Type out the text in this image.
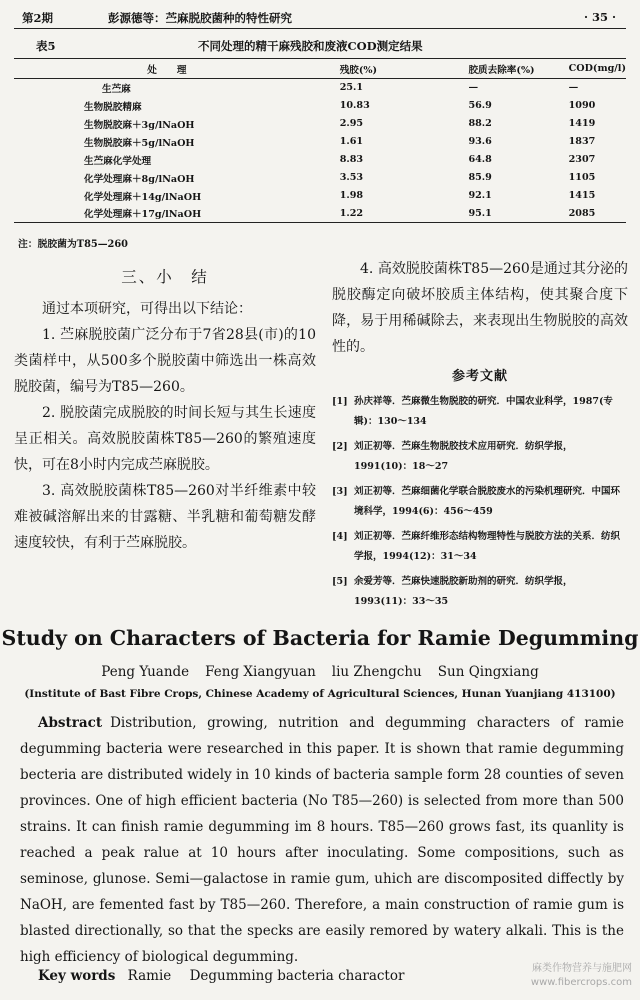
第2期	彭源德等：苎麻脱胶菌种的特性研究	· 35 ·
表5	不同处理的精干麻残胶和废液COD测定结果
处理	残胶(%)	胶质去除率(%)	COD(mg/l)
生苎麻	25.1	—	—
生物脱胶精麻	10.83	56.9	1090
生物脱胶麻＋3g/lNaOH	2.95	88.2	1419
生物脱胶麻＋5g/lNaOH	1.61	93.6	1837
生苎麻化学处理	8.83	64.8	2307
化学处理麻＋8g/lNaOH	3.53	85.9	1105
化学处理麻＋14g/lNaOH	1.98	92.1	1415
化学处理麻＋17g/lNaOH	1.22	95.1	2085
注：脱胶菌为T85—260
三、小　结

通过本项研究，可得出以下结论：

1. 苎麻脱胶菌广泛分布于7省28县(市)的10类菌样中，从500多个脱胶菌中筛选出一株高效脱胶菌，编号为T85—260。

2. 脱胶菌完成脱胶的时间长短与其生长速度呈正相关。高效脱胶菌株T85—260的繁殖速度快，可在8小时内完成苎麻脱胶。

3. 高效脱胶菌株T85—260对半纤维素中较难被碱溶解出来的甘露糖、半乳糖和葡萄糖发酵速度较快，有利于苎麻脱胶。

4. 高效脱胶菌株T85—260是通过其分泌的脱胶酶定向破坏胶质主体结构，使其聚合度下降，易于用稀碱除去，来表现出生物脱胶的高效性的。

参考文献
[1] 孙庆祥等．苎麻微生物脱胶的研究．中国农业科学，1987(专辑)：130～134
[2] 刘正初等．苎麻生物脱胶技术应用研究．纺织学报，1991(10)：18～27
[3] 刘正初等．苎麻细菌化学联合脱胶废水的污染机理研究．中国环境科学，1994(6)：456～459
[4] 刘正初等．苎麻纤维形态结构物理特性与脱胶方法的关系．纺织学报，1994(12)：31～34
[5] 余爱芳等．苎麻快速脱胶新助剂的研究．纺织学报，1993(11)：33～35
Study on Characters of Bacteria for Ramie Degumming
Peng Yuande Feng Xiangyuan liu Zhengchu Sun Qingxiang
(Institute of Bast Fibre Crops, Chinese Academy of Agricultural Sciences, Hunan Yuanjiang 413100)
Abstract Distribution, growing, nutrition and degumming characters of ramie degumming bacteria were researched in this paper. It is shown that ramie degumming becteria are distributed widely in 10 kinds of bacteria sample form 28 counties of seven provinces. One of high efficient bacteria (No T85—260) is selected from more than 500 strains. It can finish ramie degumming im 8 hours. T85—260 grows fast, its quanlity is reached a peak ralue at 10 hours after inoculating. Some compositions, such as seminose, glunose. Semi—galactose in ramie gum, uhich are discomposited diffectly by NaOH, are femented fast by T85—260. Therefore, a main construction of ramie gum is blasted directionally, so that the specks are easily remored by watery alkali. This is the high efficiency of biological degumming.
Key words Ramie Degumming bacteria charactor	麻类作物营养与施肥网
www.fibercrops.com
